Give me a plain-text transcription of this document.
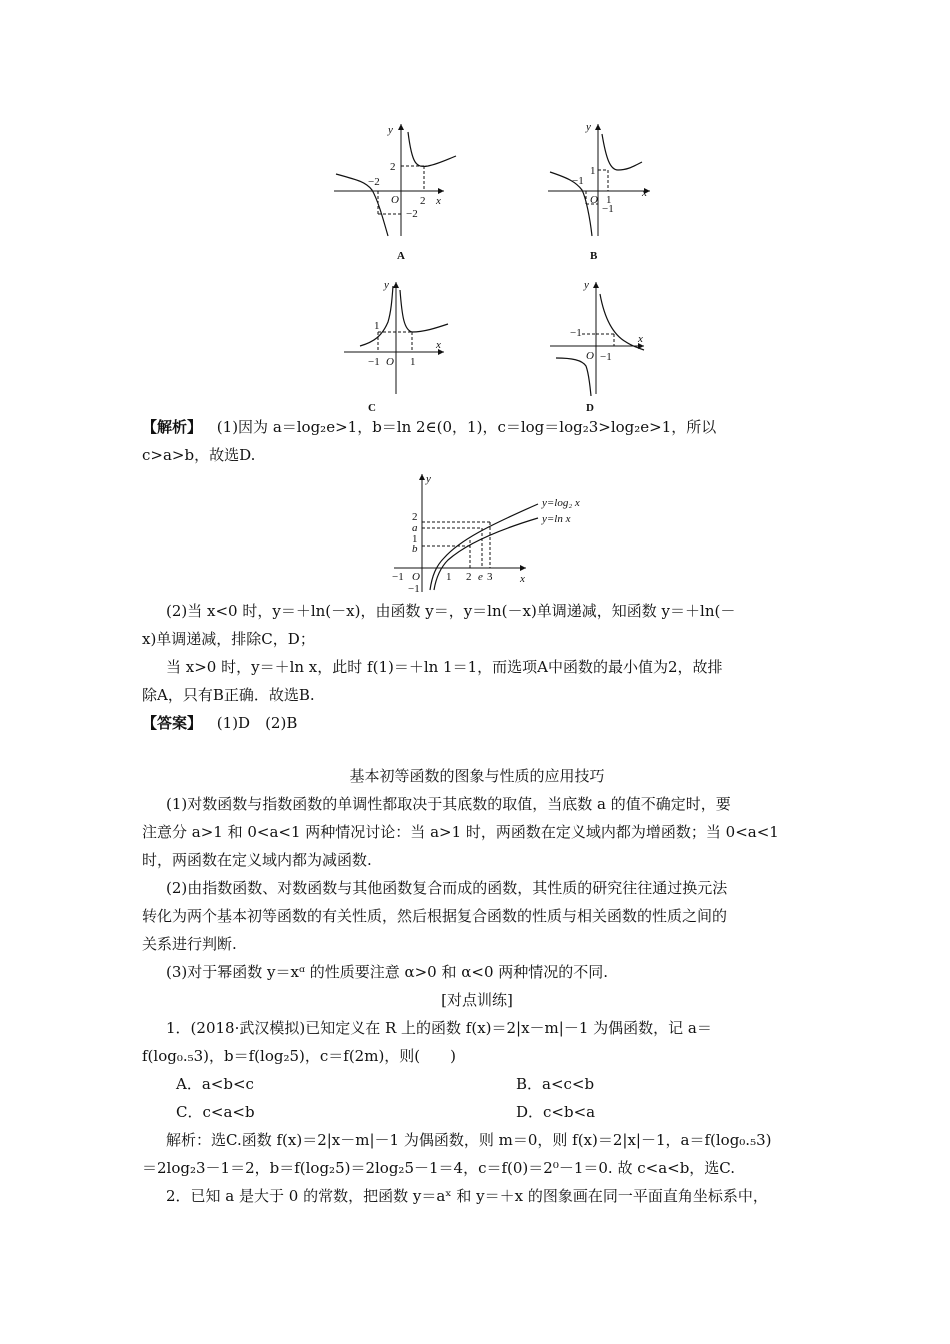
y
x
O
2
−2
2
−2
A
y
x
O
1
−1
1
−1
B
y
x
O
1
−1	1
C
y
x
O
−1
−1
D
【解析】 (1)因为 a＝log₂e>1，b＝ln 2∈(0，1)，c＝log＝log₂3>log₂e>1，所以
c>a>b，故选D.
y
x
O
y=log₂ x
y=ln x
2
a
1
b
−1
−1	1 2 e 3
(2)当 x<0 时，y＝＋ln(－x)，由函数 y＝，y＝ln(－x)单调递减，知函数 y＝＋ln(－
x)单调递减，排除C，D；
当 x>0 时，y＝＋ln x，此时 f(1)＝＋ln 1＝1，而选项A中函数的最小值为2，故排
除A，只有B正确．故选B.
【答案】 (1)D　(2)B
基本初等函数的图象与性质的应用技巧
(1)对数函数与指数函数的单调性都取决于其底数的取值，当底数 a 的值不确定时，要
注意分 a>1 和 0<a<1 两种情况讨论：当 a>1 时，两函数在定义域内都为增函数；当 0<a<1
时，两函数在定义域内都为减函数.
(2)由指数函数、对数函数与其他函数复合而成的函数，其性质的研究往往通过换元法
转化为两个基本初等函数的有关性质，然后根据复合函数的性质与相关函数的性质之间的
关系进行判断.
(3)对于幂函数 y＝xᵅ 的性质要注意 α>0 和 α<0 两种情况的不同.
[对点训练]
1．(2018·武汉模拟)已知定义在 R 上的函数 f(x)＝2|x－m|－1 为偶函数，记 a＝
f(log₀.₅3)，b＝f(log₂5)，c＝f(2m)，则(　　)
A．a<b<c	B．a<c<b
C．c<a<b	D．c<b<a
解析：选C.函数 f(x)＝2|x－m|－1 为偶函数，则 m＝0，则 f(x)＝2|x|－1，a＝f(log₀.₅3)
＝2log₂3－1＝2，b＝f(log₂5)＝2log₂5－1＝4，c＝f(0)＝2⁰－1＝0. 故 c<a<b，选C.
2．已知 a 是大于 0 的常数，把函数 y＝aˣ 和 y＝＋x 的图象画在同一平面直角坐标系中，
